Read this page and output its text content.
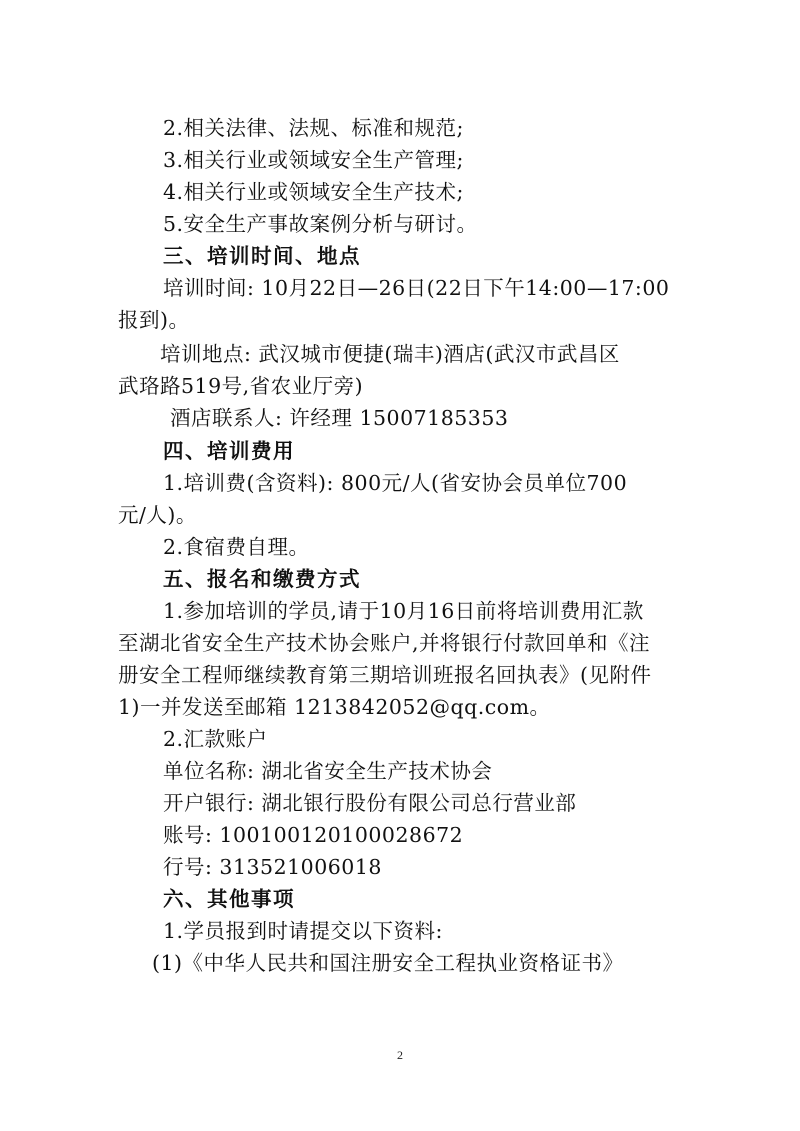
2.相关法律、法规、标准和规范;
3.相关行业或领域安全生产管理;
4.相关行业或领域安全生产技术;
5.安全生产事故案例分析与研讨。
三、培训时间、地点
培训时间: 10月22日—26日(22日下午14:00—17:00
报到)。
培训地点: 武汉城市便捷(瑞丰)酒店(武汉市武昌区
武珞路519号,省农业厅旁)
酒店联系人: 许经理 15007185353
四、培训费用
1.培训费(含资料): 800元/人(省安协会员单位700
元/人)。
2.食宿费自理。
五、报名和缴费方式
1.参加培训的学员,请于10月16日前将培训费用汇款
至湖北省安全生产技术协会账户,并将银行付款回单和《注
册安全工程师继续教育第三期培训班报名回执表》(见附件
1)一并发送至邮箱 1213842052@qq.com。
2.汇款账户
单位名称: 湖北省安全生产技术协会
开户银行: 湖北银行股份有限公司总行营业部
账号: 100100120100028672
行号: 313521006018
六、其他事项
1.学员报到时请提交以下资料:
(1)《中华人民共和国注册安全工程执业资格证书》
2
